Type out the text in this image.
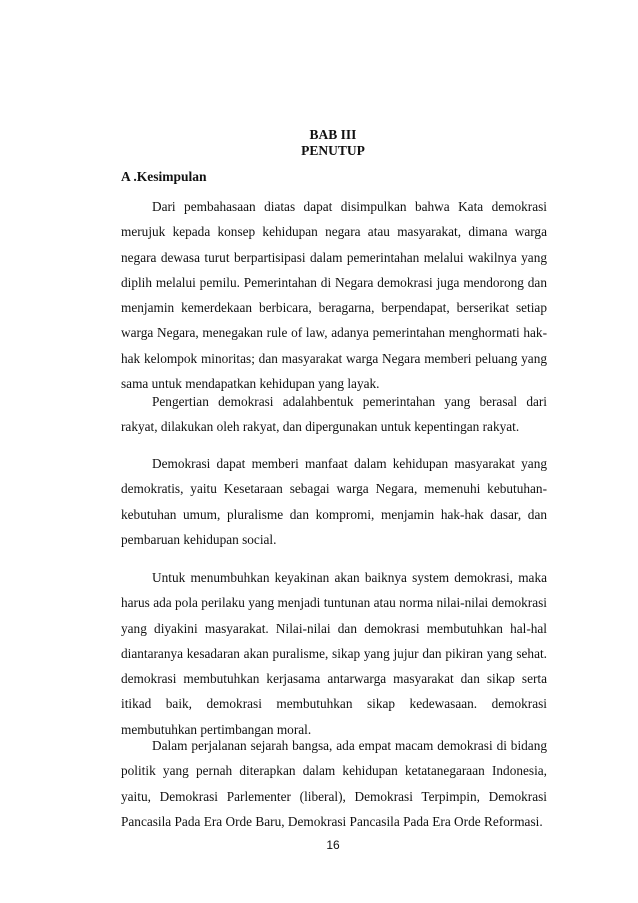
BAB III
PENUTUP
A .Kesimpulan

Dari pembahasaan diatas dapat disimpulkan bahwa Kata demokrasi merujuk kepada konsep kehidupan negara atau masyarakat, dimana warga negara dewasa turut berpartisipasi dalam pemerintahan melalui wakilnya yang diplih melalui pemilu. Pemerintahan di Negara demokrasi juga mendorong dan menjamin kemerdekaan berbicara, beragarna, berpendapat, berserikat setiap warga Negara, menegakan rule of law, adanya pemerintahan menghormati hak-hak kelompok minoritas; dan masyarakat warga Negara memberi peluang yang sama untuk mendapatkan kehidupan yang layak.

Pengertian demokrasi adalahbentuk pemerintahan yang berasal dari rakyat, dilakukan oleh rakyat, dan dipergunakan untuk kepentingan rakyat.

Demokrasi dapat memberi manfaat dalam kehidupan masyarakat yang demokratis, yaitu Kesetaraan sebagai warga Negara, memenuhi kebutuhan-kebutuhan umum, pluralisme dan kompromi, menjamin hak-hak dasar, dan pembaruan kehidupan social.

Untuk menumbuhkan keyakinan akan baiknya system demokrasi, maka harus ada pola perilaku yang menjadi tuntunan atau norma nilai-nilai demokrasi yang diyakini masyarakat. Nilai-nilai dan demokrasi membutuhkan hal-hal diantaranya kesadaran akan puralisme, sikap yang jujur dan pikiran yang sehat. demokrasi membutuhkan kerjasama antarwarga masyarakat dan sikap serta itikad baik, demokrasi membutuhkan sikap kedewasaan. demokrasi membutuhkan pertimbangan moral.

Dalam perjalanan sejarah bangsa, ada empat macam demokrasi di bidang politik yang pernah diterapkan dalam kehidupan ketatanegaraan Indonesia, yaitu, Demokrasi Parlementer (liberal), Demokrasi Terpimpin, Demokrasi Pancasila Pada Era Orde Baru, Demokrasi Pancasila Pada Era Orde Reformasi.

16
